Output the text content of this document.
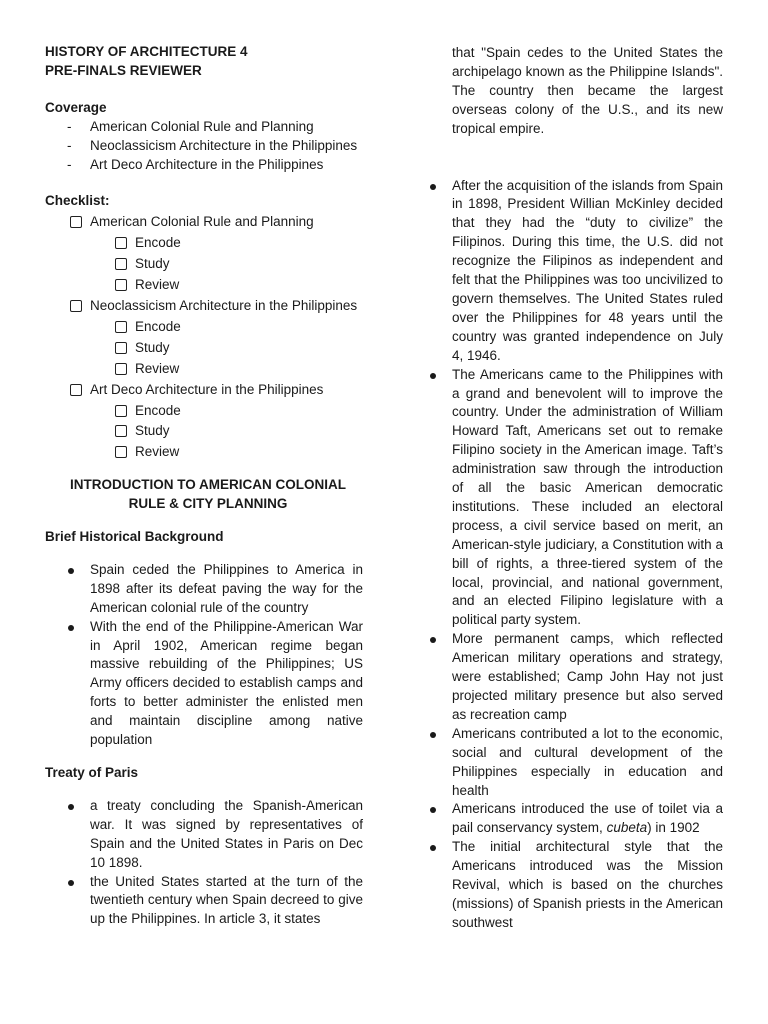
HISTORY OF ARCHITECTURE 4

PRE-FINALS REVIEWER

Coverage

- American Colonial Rule and Planning

- Neoclassicism Architecture in the Philippines

- Art Deco Architecture in the Philippines

Checklist:

American Colonial Rule and Planning

Encode

Study

Review

Neoclassicism Architecture in the Philippines

Encode

Study

Review

Art Deco Architecture in the Philippines

Encode

Study

Review

INTRODUCTION TO AMERICAN COLONIAL

RULE & CITY PLANNING

Brief Historical Background

Spain ceded the Philippines to America in 1898 after its defeat paving the way for the American colonial rule of the country

With the end of the Philippine-American War in April 1902, American regime began massive rebuilding of the Philippines; US Army officers decided to establish camps and forts to better administer the enlisted men and maintain discipline among native population

Treaty of Paris

a treaty concluding the Spanish-American war. It was signed by representatives of Spain and the United States in Paris on Dec 10 1898.

the United States started at the turn of the twentieth century when Spain decreed to give up the Philippines. In article 3, it states

that "Spain cedes to the United States the archipelago known as the Philippine Islands". The country then became the largest overseas colony of the U.S., and its new tropical empire.

After the acquisition of the islands from Spain in 1898, President Willian McKinley decided that they had the “duty to civilize” the Filipinos. During this time, the U.S. did not recognize the Filipinos as independent and felt that the Philippines was too uncivilized to govern themselves. The United States ruled over the Philippines for 48 years until the country was granted independence on July 4, 1946.

The Americans came to the Philippines with a grand and benevolent will to improve the country. Under the administration of William Howard Taft, Americans set out to remake Filipino society in the American image. Taft’s administration saw through the introduction of all the basic American democratic institutions. These included an electoral process, a civil service based on merit, an American-style judiciary, a Constitution with a bill of rights, a three-tiered system of the local, provincial, and national government, and an elected Filipino legislature with a political party system.

More permanent camps, which reflected American military operations and strategy, were established; Camp John Hay not just projected military presence but also served as recreation camp

Americans contributed a lot to the economic, social and cultural development of the Philippines especially in education and health

Americans introduced the use of toilet via a pail conservancy system, cubeta) in 1902

The initial architectural style that the Americans introduced was the Mission Revival, which is based on the churches (missions) of Spanish priests in the American southwest
